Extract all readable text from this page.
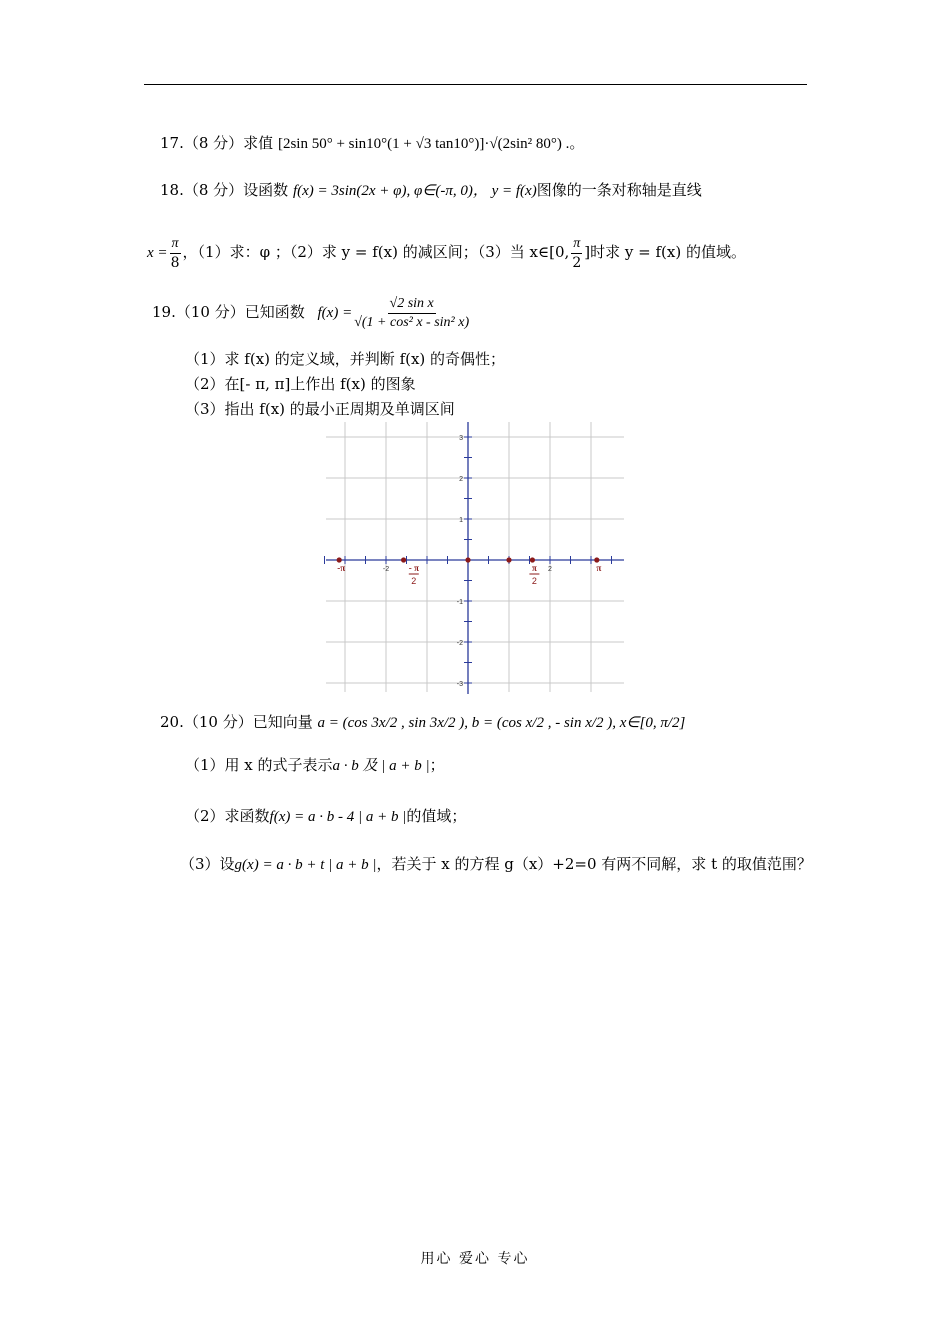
17.（8 分）求值 [2sin 50° + sin10°(1 + √3 tan10°)]·√(2sin² 80°) .。
18.（8 分）设函数 f(x) = 3sin(2x + φ), φ∈(-π, 0)， y = f(x)图像的一条对称轴是直线
$x = \frac{\pi}{8}$ ，（1）求：φ ；（2）求 y = f(x) 的减区间；（3）当 x∈[0, $\frac{\pi}{2}$ ]时求 y = f(x) 的值域。
19.（10 分）已知函数 $f(x) = \frac{\text{√2 sin x}}{\text{√(1 + cos² x - sin² x)}}$
（1）求 f(x) 的定义域，并判断 f(x) 的奇偶性；
（2）在[- π, π]上作出 f(x) 的图象
（3）指出 f(x) 的最小正周期及单调区间
3
2
1
-1
-2
-3
-2	2
-π	- π
2
π
2
π
20.（10 分）已知向量 a = (cos 3x/2 , sin 3x/2 ), b = (cos x/2 , - sin x/2 ), x∈[0, π/2]
（1）用 x 的式子表示a · b 及 | a + b |；
（2）求函数f(x) = a · b - 4 | a + b |的值域；
（3）设g(x) = a · b + t | a + b |，若关于 x 的方程 g（x）+2=0 有两不同解，求 t 的取值范围？
用心 爱心 专心
